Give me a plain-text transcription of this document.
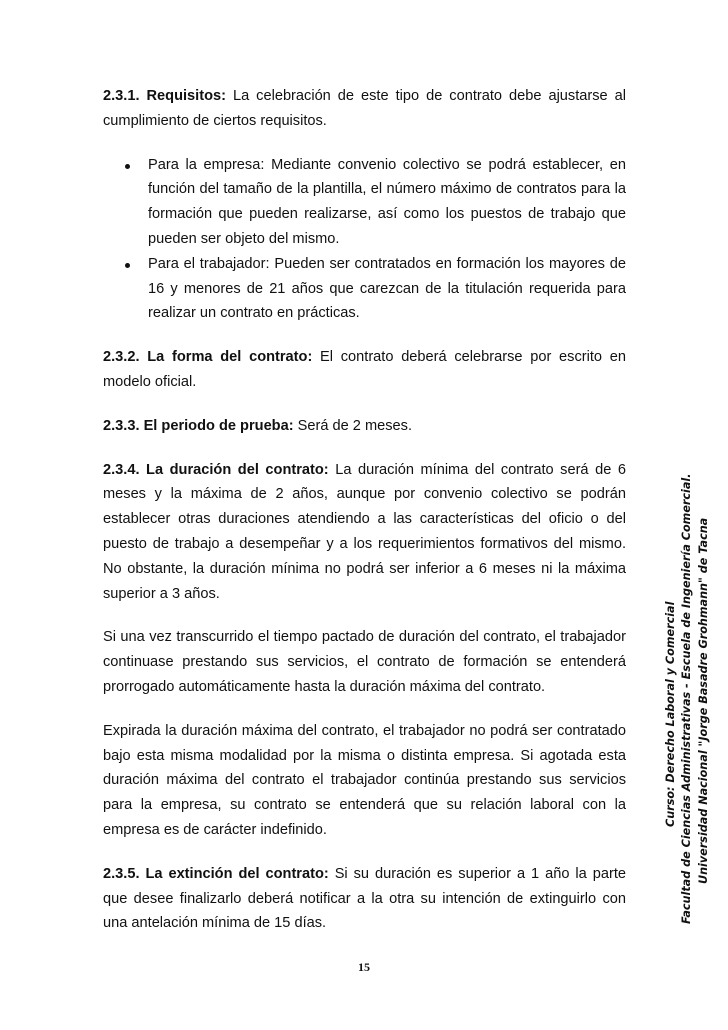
2.3.1. Requisitos: La celebración de este tipo de contrato debe ajustarse al cumplimiento de ciertos requisitos.

Para la empresa: Mediante convenio colectivo se podrá establecer, en función del tamaño de la plantilla, el número máximo de contratos para la formación que pueden realizarse, así como los puestos de trabajo que pueden ser objeto del mismo.
Para el trabajador: Pueden ser contratados en formación los mayores de 16 y menores de 21 años que carezcan de la titulación requerida para realizar un contrato en prácticas.

2.3.2. La forma del contrato: El contrato deberá celebrarse por escrito en modelo oficial.

2.3.3. El periodo de prueba: Será de 2 meses.

2.3.4. La duración del contrato: La duración mínima del contrato será de 6 meses y la máxima de 2 años, aunque por convenio colectivo se podrán establecer otras duraciones atendiendo a las características del oficio o del puesto de trabajo a desempeñar y a los requerimientos formativos del mismo. No obstante, la duración mínima no podrá ser inferior a 6 meses ni la máxima superior a 3 años.

Si una vez transcurrido el tiempo pactado de duración del contrato, el trabajador continuase prestando sus servicios, el contrato de formación se entenderá prorrogado automáticamente hasta la duración máxima del contrato.

Expirada la duración máxima del contrato, el trabajador no podrá ser contratado bajo esta misma modalidad por la misma o distinta empresa. Si agotada esta duración máxima del contrato el trabajador continúa prestando sus servicios para la empresa, su contrato se entenderá que su relación laboral con la empresa es de carácter indefinido.

2.3.5. La extinción del contrato: Si su duración es superior a 1 año la parte que desee finalizarlo deberá notificar a la otra su intención de extinguirlo con una antelación mínima de 15 días.

15
Curso: Derecho Laboral y Comercial Facultad de Ciencias Administrativas - Escuela de Ingeniería Comercial. Universidad Nacional "Jorge Basadre Grohmann" de Tacna
